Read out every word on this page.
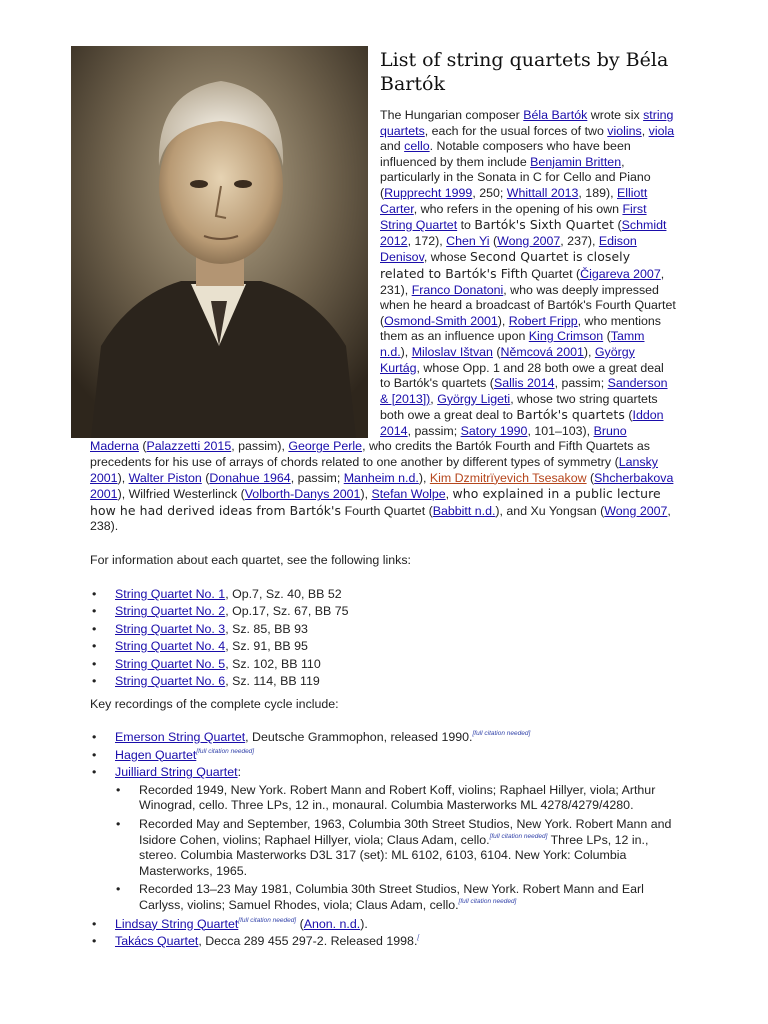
List of string quartets by Béla Bartók

The Hungarian composer Béla Bartók wrote six string quartets, each for the usual forces of two violins, viola and cello. Notable composers who have been influenced by them include Benjamin Britten, particularly in the Sonata in C for Cello and Piano (Rupprecht 1999, 250; Whittall 2013, 189), Elliott Carter, who refers in the opening of his own First String Quartet to Bartók's Sixth Quartet (Schmidt 2012, 172), Chen Yi (Wong 2007, 237), Edison Denisov, whose Second Quartet is closely related to Bartók's Fifth Quartet (Čigareva 2007, 231), Franco Donatoni, who was deeply impressed when he heard a broadcast of Bartók's Fourth Quartet (Osmond-Smith 2001), Robert Fripp, who mentions them as an influence upon King Crimson (Tamm n.d.), Miloslav Ištvan (Němcová 2001), György Kurtág, whose Opp. 1 and 28 both owe a great deal to Bartók's quartets (Sallis 2014, passim; Sanderson & [2013]), György Ligeti, whose two string quartets both owe a great deal to Bartók's quartets (Iddon 2014, passim; Satory 1990, 101–103), Bruno Maderna (Palazzetti 2015, passim), George Perle, who credits the Bartók Fourth and Fifth Quartets as precedents for his use of arrays of chords related to one another by different types of symmetry (Lansky 2001), Walter Piston (Donahue 1964, passim; Manheim n.d.), Kim Dzmitrïyevich Tsesakow (Shcherbakova 2001), Wilfried Westerlinck (Volborth-Danys 2001), Stefan Wolpe, who explained in a public lecture how he had derived ideas from Bartók's Fourth Quartet (Babbitt n.d.), and Xu Yongsan (Wong 2007, 238).

For information about each quartet, see the following links:

• String Quartet No. 1, Op.7, Sz. 40, BB 52
• String Quartet No. 2, Op.17, Sz. 67, BB 75
• String Quartet No. 3, Sz. 85, BB 93
• String Quartet No. 4, Sz. 91, BB 95
• String Quartet No. 5, Sz. 102, BB 110
• String Quartet No. 6, Sz. 114, BB 119

Key recordings of the complete cycle include:

• Emerson String Quartet, Deutsche Grammophon, released 1990.[full citation needed]
• Hagen Quartet[full citation needed]
• Juilliard String Quartet:
• Recorded 1949, New York. Robert Mann and Robert Koff, violins; Raphael Hillyer, viola; Arthur Winograd, cello. Three LPs, 12 in., monaural. Columbia Masterworks ML 4278/4279/4280.
• Recorded May and September, 1963, Columbia 30th Street Studios, New York. Robert Mann and Isidore Cohen, violins; Raphael Hillyer, viola; Claus Adam, cello.[full citation needed] Three LPs, 12 in., stereo. Columbia Masterworks D3L 317 (set): ML 6102, 6103, 6104. New York: Columbia Masterworks, 1965.
• Recorded 13–23 May 1981, Columbia 30th Street Studios, New York. Robert Mann and Earl Carlyss, violins; Samuel Rhodes, viola; Claus Adam, cello.[full citation needed]
• Lindsay String Quartet[full citation needed] (Anon. n.d.).
• Takács Quartet, Decca 289 455 297-2. Released 1998.[
